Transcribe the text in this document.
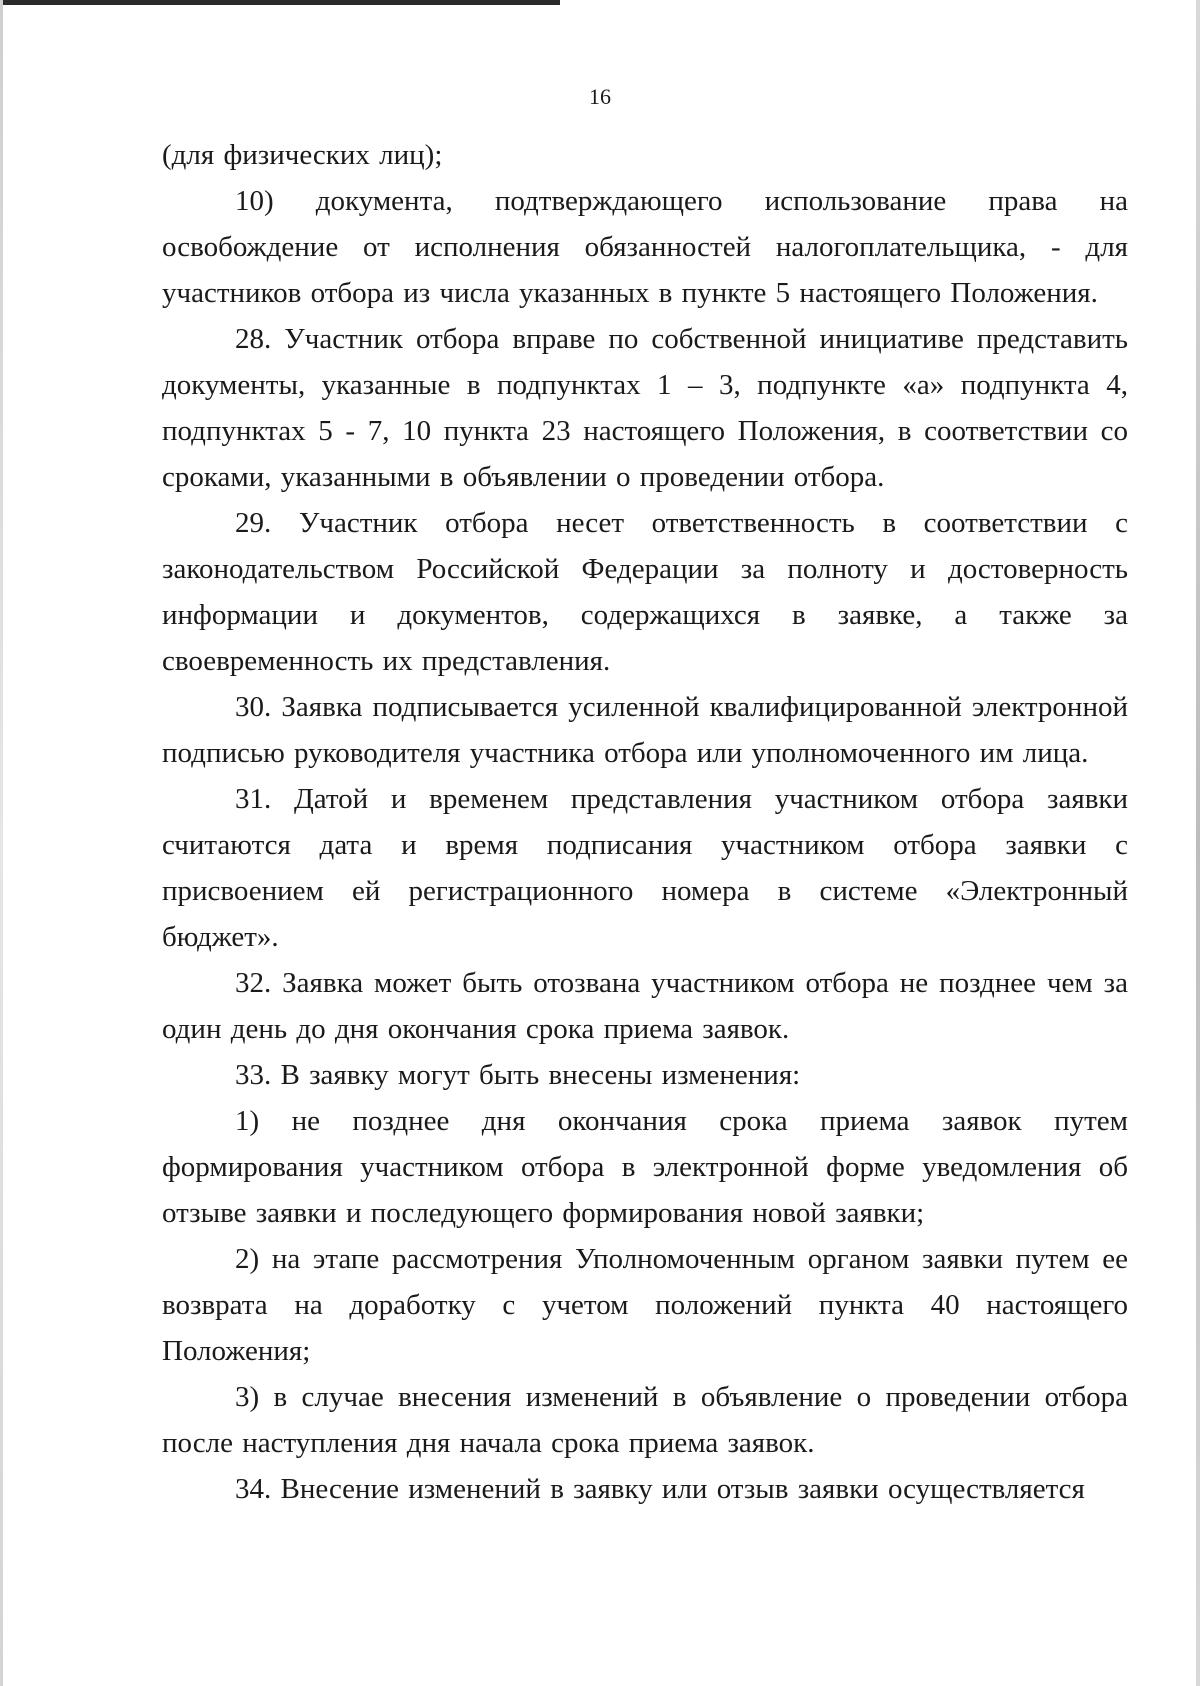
16

(для физических лиц);

10) документа, подтверждающего использование права на освобождение от исполнения обязанностей налогоплательщика, - для участников отбора из числа указанных в пункте 5 настоящего Положения.

28. Участник отбора вправе по собственной инициативе представить документы, указанные в подпунктах 1 – 3, подпункте «а» подпункта 4, подпунктах 5 - 7, 10 пункта 23 настоящего Положения, в соответствии со сроками, указанными в объявлении о проведении отбора.

29. Участник отбора несет ответственность в соответствии с законодательством Российской Федерации за полноту и достоверность информации и документов, содержащихся в заявке, а также за своевременность их представления.

30. Заявка подписывается усиленной квалифицированной электронной подписью руководителя участника отбора или уполномоченного им лица.

31. Датой и временем представления участником отбора заявки считаются дата и время подписания участником отбора заявки с присвоением ей регистрационного номера в системе «Электронный бюджет».

32. Заявка может быть отозвана участником отбора не позднее чем за один день до дня окончания срока приема заявок.

33. В заявку могут быть внесены изменения:

1) не позднее дня окончания срока приема заявок путем формирования участником отбора в электронной форме уведомления об отзыве заявки и последующего формирования новой заявки;

2) на этапе рассмотрения Уполномоченным органом заявки путем ее возврата на доработку с учетом положений пункта 40 настоящего Положения;

3) в случае внесения изменений в объявление о проведении отбора после наступления дня начала срока приема заявок.

34. Внесение изменений в заявку или отзыв заявки осуществляется
